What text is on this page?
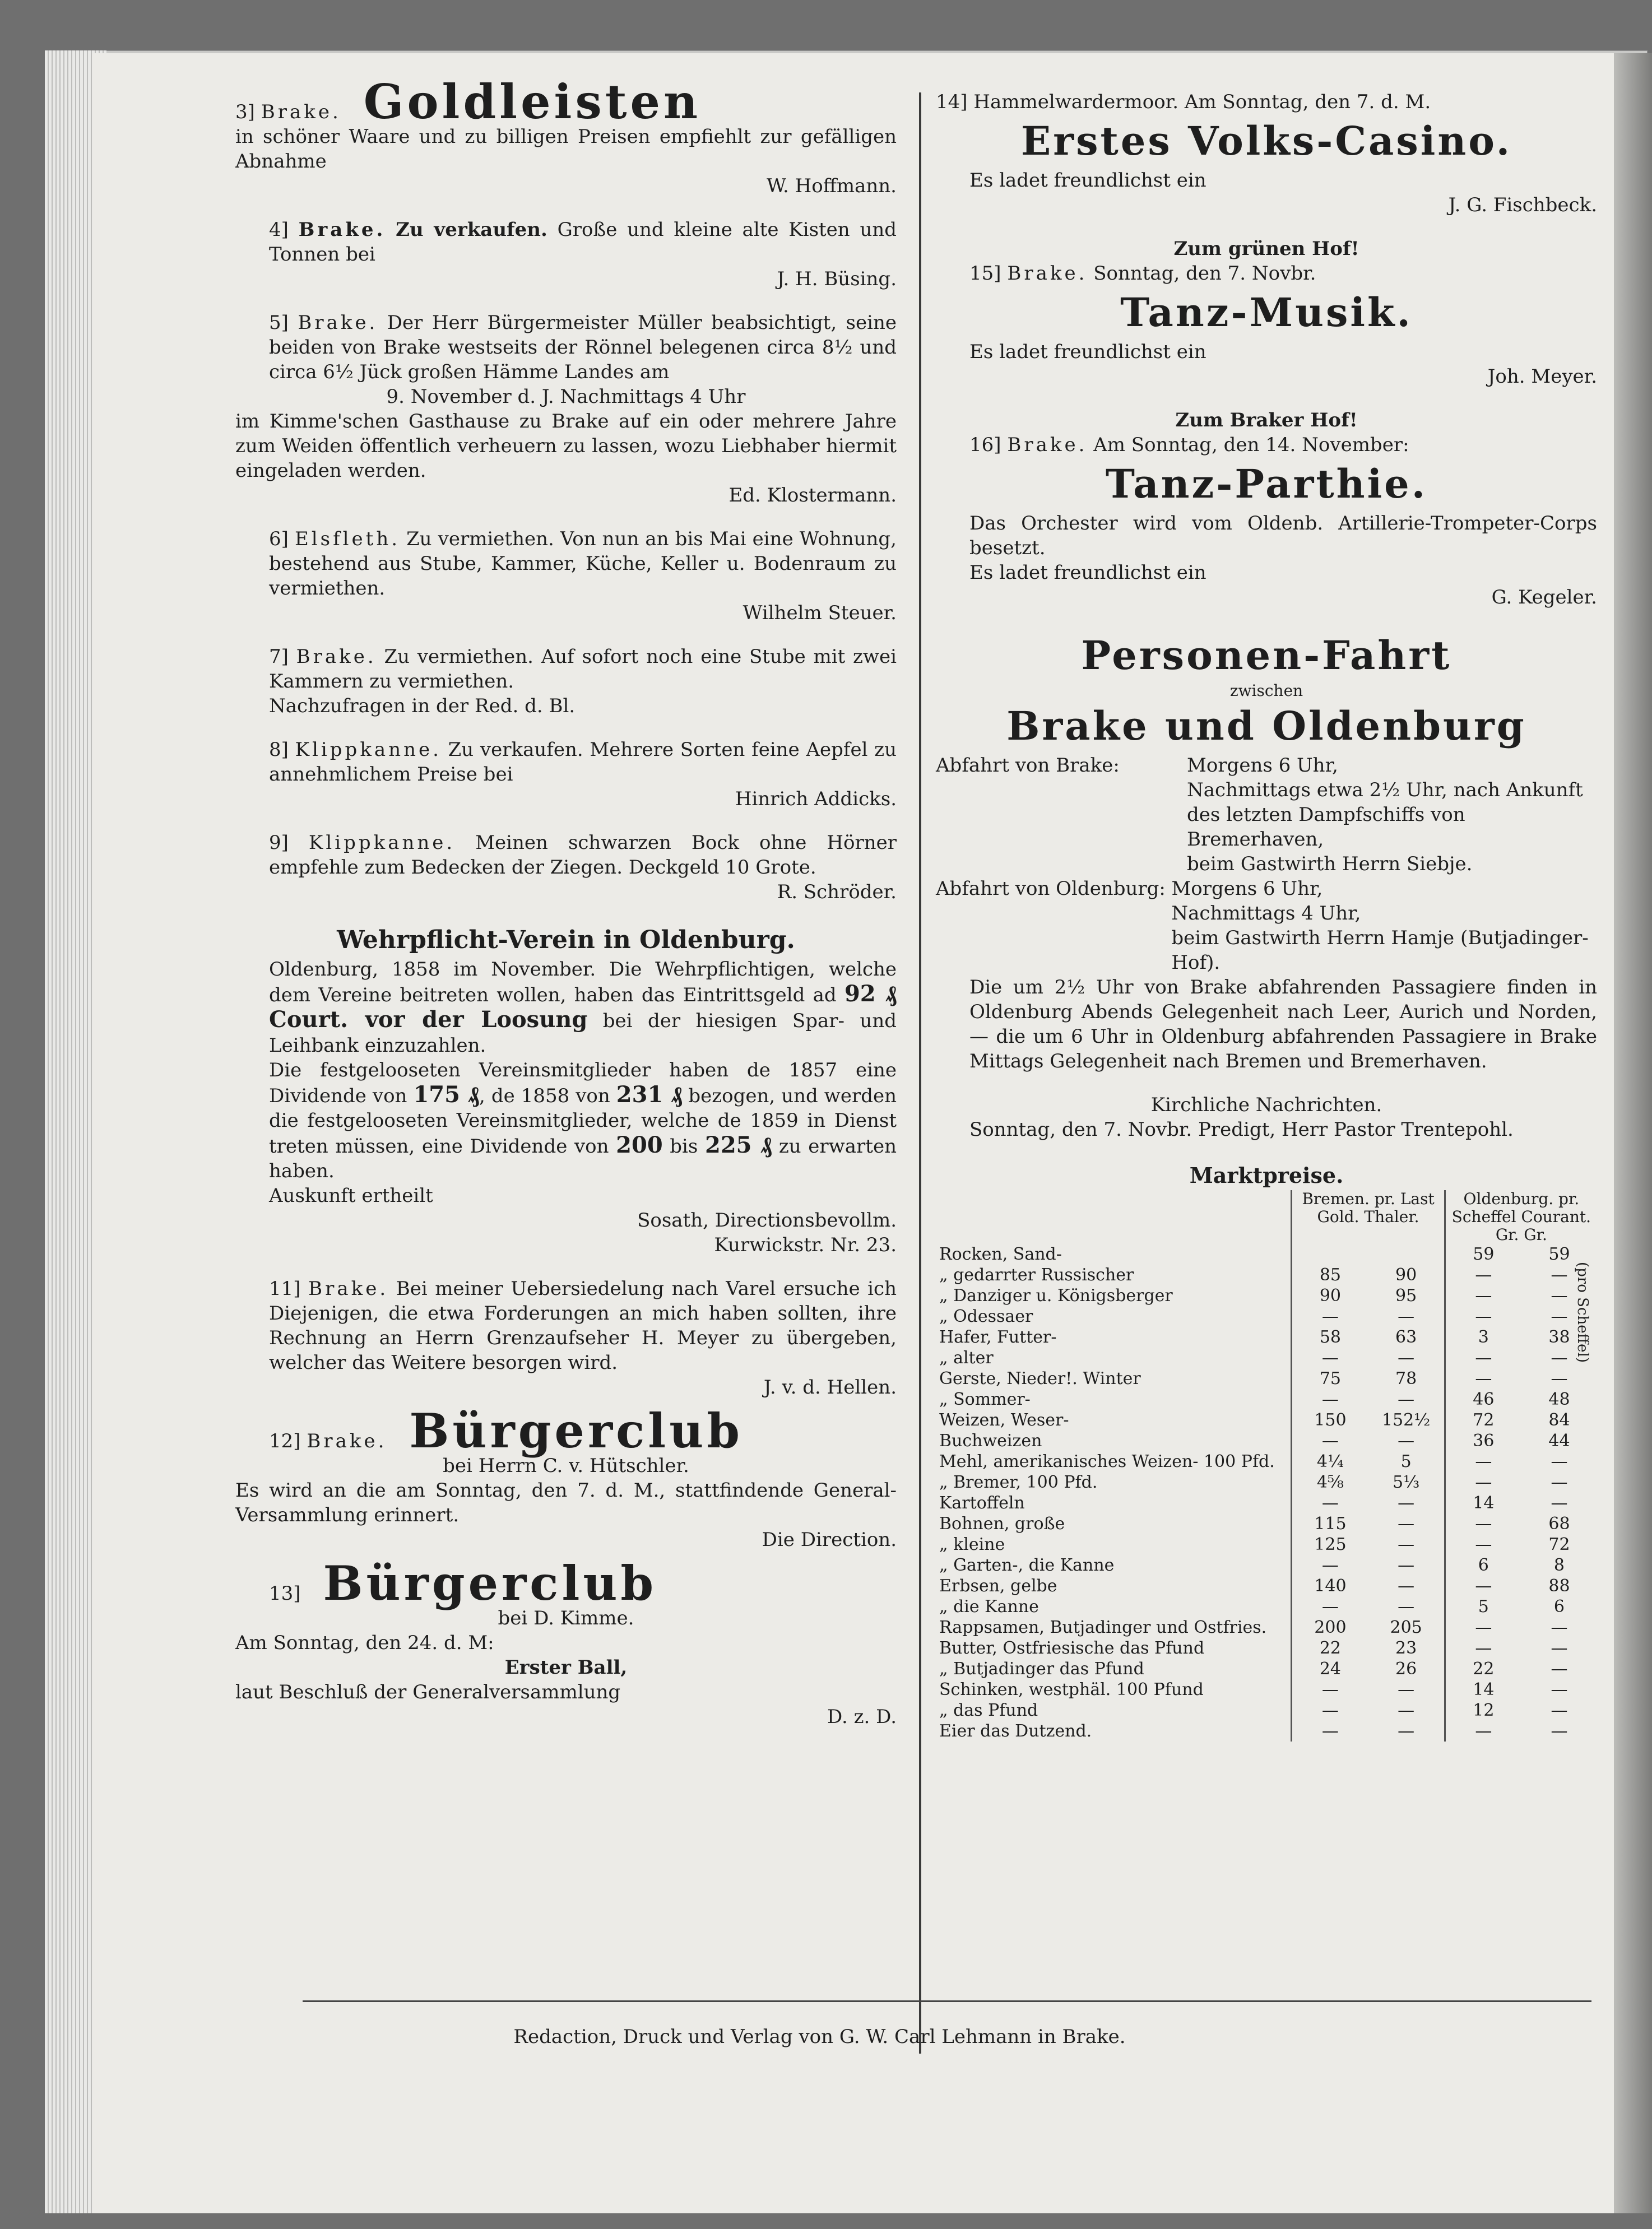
3] Brake. Goldleisten

in schöner Waare und zu billigen Preisen empfiehlt zur gefälligen Abnahme

W. Hoffmann.

4] Brake. Zu verkaufen. Große und kleine alte Kisten und Tonnen bei

J. H. Büsing.

5] Brake. Der Herr Bürgermeister Müller beabsichtigt, seine beiden von Brake westseits der Rönnel belegenen circa 8½ und circa 6½ Jück großen Hämme Landes am

9. November d. J. Nachmittags 4 Uhr

im Kimme'schen Gasthause zu Brake auf ein oder mehrere Jahre zum Weiden öffentlich verheuern zu lassen, wozu Liebhaber hiermit eingeladen werden.

Ed. Klostermann.

6] Elsfleth. Zu vermiethen. Von nun an bis Mai eine Wohnung, bestehend aus Stube, Kammer, Küche, Keller u. Bodenraum zu vermiethen.

Wilhelm Steuer.

7] Brake. Zu vermiethen. Auf sofort noch eine Stube mit zwei Kammern zu vermiethen.

Nachzufragen in der Red. d. Bl.

8] Klippkanne. Zu verkaufen. Mehrere Sorten feine Aepfel zu annehmlichem Preise bei

Hinrich Addicks.

9] Klippkanne. Meinen schwarzen Bock ohne Hörner empfehle zum Bedecken der Ziegen. Deckgeld 10 Grote.

R. Schröder.

Wehrpflicht-Verein in Oldenburg.

Oldenburg, 1858 im November. Die Wehrpflichtigen, welche dem Vereine beitreten wollen, haben das Eintrittsgeld ad 92 ₰ Court. vor der Loosung bei der hiesigen Spar- und Leihbank einzuzahlen.

Die festgelooseten Vereinsmitglieder haben de 1857 eine Dividende von 175 ₰, de 1858 von 231 ₰ bezogen, und werden die festgelooseten Vereinsmitglieder, welche de 1859 in Dienst treten müssen, eine Dividende von 200 bis 225 ₰ zu erwarten haben.

Auskunft ertheilt

Sosath, Directionsbevollm.

Kurwickstr. Nr. 23.

11] Brake. Bei meiner Uebersiedelung nach Varel ersuche ich Diejenigen, die etwa Forderungen an mich haben sollten, ihre Rechnung an Herrn Grenzaufseher H. Meyer zu übergeben, welcher das Weitere besorgen wird.

J. v. d. Hellen.

12] Brake. Bürgerclub

bei Herrn C. v. Hütschler.

Es wird an die am Sonntag, den 7. d. M., stattfindende General-Versammlung erinnert.

Die Direction.

13] Bürgerclub

bei D. Kimme.

Am Sonntag, den 24. d. M:

Erster Ball,

laut Beschluß der Generalversammlung

D. z. D.

14] Hammelwardermoor. Am Sonntag, den 7. d. M.

Erstes Volks-Casino.

Es ladet freundlichst ein

J. G. Fischbeck.

Zum grünen Hof!

15] Brake. Sonntag, den 7. Novbr.

Tanz-Musik.

Es ladet freundlichst ein

Joh. Meyer.

Zum Braker Hof!

16] Brake. Am Sonntag, den 14. November:

Tanz-Parthie.

Das Orchester wird vom Oldenb. Artillerie-Trompeter-Corps besetzt.

Es ladet freundlichst ein

G. Kegeler.

Personen-Fahrt

zwischen

Brake und Oldenburg

Abfahrt von Brake:	Morgens 6 Uhr,
Nachmittags etwa 2½ Uhr, nach Ankunft
des letzten Dampfschiffs von Bremerhaven,
beim Gastwirth Herrn Siebje.
Abfahrt von Oldenburg: Morgens 6 Uhr,
Nachmittags 4 Uhr,
beim Gastwirth Herrn Hamje (Butjadinger-Hof).

Die um 2½ Uhr von Brake abfahrenden Passagiere finden in Oldenburg Abends Gelegenheit nach Leer, Aurich und Norden, — die um 6 Uhr in Oldenburg abfahrenden Passagiere in Brake Mittags Gelegenheit nach Bremen und Bremerhaven.

Kirchliche Nachrichten.

Sonntag, den 7. Novbr. Predigt, Herr Pastor Trentepohl.

Marktpreise.

	Bremen. pr. Last Gold. Thaler.		Oldenburg. pr. Scheffel Courant. Gr. Gr.	
Rocken, Sand-			59	59
„ gedarrter Russischer	85	90	—	—
„ Danziger u. Königsberger	90	95	—	—
„ Odessaer	—	—	—	—
Hafer, Futter-	58	63	3	38
„ alter	—	—	—	—
Gerste, Nieder!. Winter	75	78	—	—
„ Sommer-	—	—	46	48
Weizen, Weser-	150	152½	72	84
Buchweizen	—	—	36	44
Mehl, amerikanisches Weizen- 100 Pfd.	4¼	5	—	—
„ Bremer, 100 Pfd.	4⅝	5⅓	—	—
Kartoffeln	—	—	14	—
Bohnen, große	115	—	—	68
„ kleine	125	—	—	72
„ Garten-, die Kanne	—	—	6	8
Erbsen, gelbe	140	—	—	88
„ die Kanne	—	—	5	6
Rappsamen, Butjadinger und Ostfries.	200	205	—	—
Butter, Ostfriesische das Pfund	22	23	—	—
„ Butjadinger das Pfund	24	26	22	—
Schinken, westphäl. 100 Pfund	—	—	14	—
„ das Pfund	—	—	12	—
Eier das Dutzend.	—	—	—	—
(pro Scheffel)
Redaction, Druck und Verlag von G. W. Carl Lehmann in Brake.
